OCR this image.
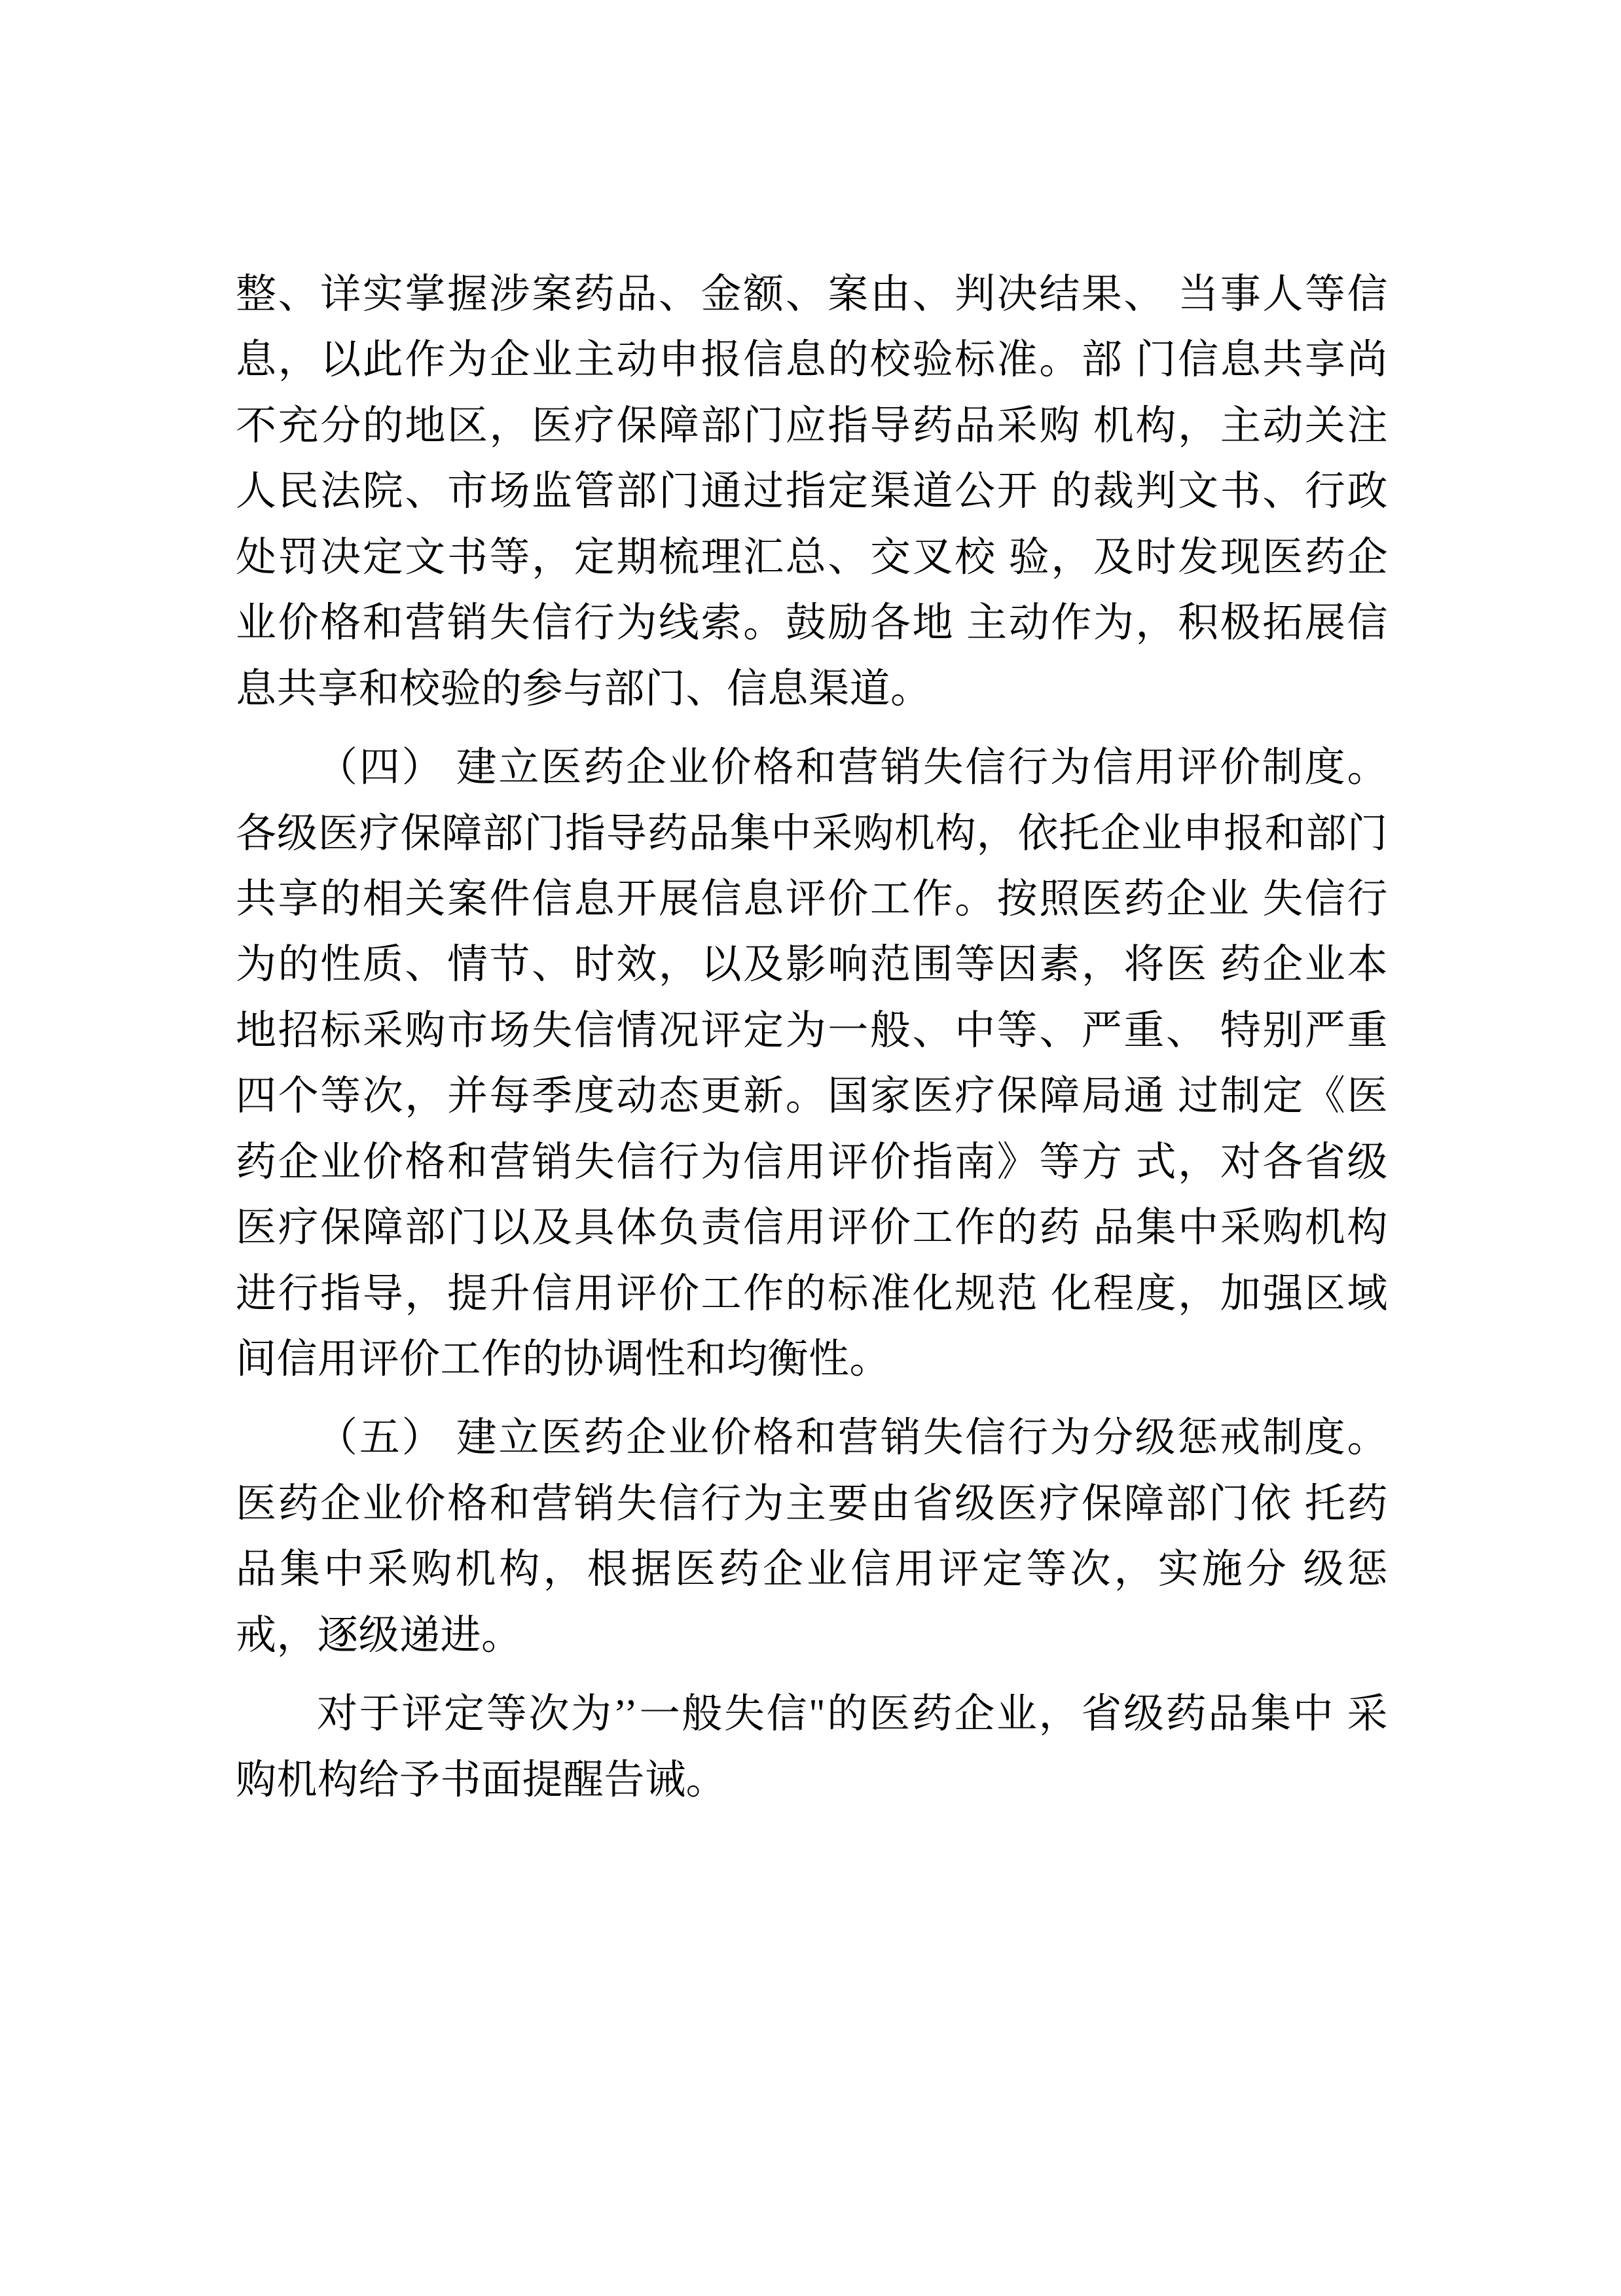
整、详实掌握涉案药品、金额、案由、判决结果、 当事人等信息，以此作为企业主动申报信息的校验标准。部 门信息共享尚不充分的地区，医疗保障部门应指导药品采购 机构，主动关注人民法院、市场监管部门通过指定渠道公开 的裁判文书、行政处罚决定文书等，定期梳理汇总、交叉校 验，及时发现医药企业价格和营销失信行为线索。鼓励各地 主动作为，积极拓展信息共享和校验的参与部门、信息渠道。

（四） 建立医药企业价格和营销失信行为信用评价制度。 各级医疗保障部门指导药品集中采购机构，依托企业申报和部门共享的相关案件信息开展信息评价工作。按照医药企业 失信行为的性质、情节、时效，以及影响范围等因素，将医 药企业本地招标采购市场失信情况评定为一般、中等、严重、 特别严重四个等次，并每季度动态更新。国家医疗保障局通 过制定《医药企业价格和营销失信行为信用评价指南》等方 式，对各省级医疗保障部门以及具体负责信用评价工作的药 品集中采购机构进行指导，提升信用评价工作的标准化规范 化程度，加强区域间信用评价工作的协调性和均衡性。

（五） 建立医药企业价格和营销失信行为分级惩戒制度。 医药企业价格和营销失信行为主要由省级医疗保障部门依 托药品集中采购机构，根据医药企业信用评定等次，实施分 级惩戒，逐级递进。

对于评定等次为’’一般失信"的医药企业，省级药品集中 采购机构给予书面提醒告诫。
